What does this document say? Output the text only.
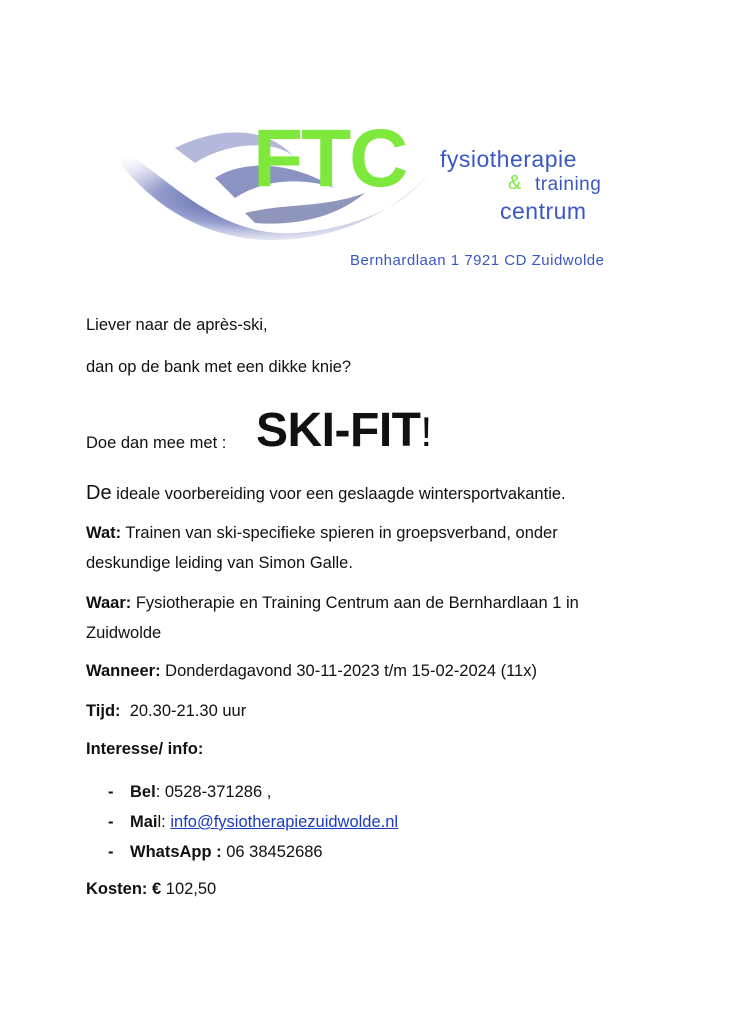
FTC fysiotherapie
& training
centrum
Bernhardlaan 1 7921 CD Zuidwolde
Liever naar de après-ski,
dan op de bank met een dikke knie?
Doe dan mee met : SKI-FIT!
De ideale voorbereiding voor een geslaagde wintersportvakantie.
Wat: Trainen van ski-specifieke spieren in groepsverband, onder deskundige leiding van Simon Galle.
Waar: Fysiotherapie en Training Centrum aan de Bernhardlaan 1 in Zuidwolde
Wanneer: Donderdagavond 30-11-2023 t/m 15-02-2024 (11x)
Tijd:  20.30-21.30 uur
Interesse/ info:
- Bel: 0528-371286 ,
- Mail: info@fysiotherapiezuidwolde.nl
- WhatsApp : 06 38452686
Kosten: € 102,50
